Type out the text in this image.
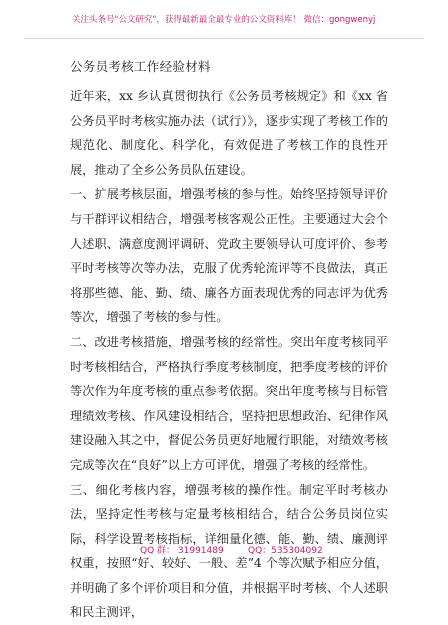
关注头条号"公文研究"，获得最新最全最专业的公文资料库！ 微信：gongwenyj
公务员考核工作经验材料

近年来，xx 乡认真贯彻执行《公务员考核规定》和《xx 省公务员平时考核实施办法（试行）》，逐步实现了考核工作的规范化、制度化、科学化，有效促进了考核工作的良性开展，推动了全乡公务员队伍建设。

一、扩展考核层面，增强考核的参与性。始终坚持领导评价与干群评议相结合，增强考核客观公正性。主要通过大会个人述职、满意度测评调研、党政主要领导认可度评价、参考平时考核等次等办法，克服了优秀轮流评等不良做法，真正将那些德、能、勤、绩、廉各方面表现优秀的同志评为优秀等次，增强了考核的参与性。

二、改进考核措施，增强考核的经常性。突出年度考核同平时考核相结合，严格执行季度考核制度，把季度考核的评价等次作为年度考核的重点参考依据。突出年度考核与目标管理绩效考核、作风建设相结合，坚持把思想政治、纪律作风建设融入其之中，督促公务员更好地履行职能，对绩效考核完成等次在“良好”以上方可评优，增强了考核的经常性。

三、细化考核内容，增强考核的操作性。制定平时考核办法，坚持定性考核与定量考核相结合，结合公务员岗位实际，科学设置考核指标，详细量化德、能、勤、绩、廉测评权重，按照“好、较好、一般、差”4 个等次赋予相应分值，并明确了多个评价项目和分值，并根据平时考核、个人述职和民主测评，

QQ 群： 31991489	QQ：535304092
